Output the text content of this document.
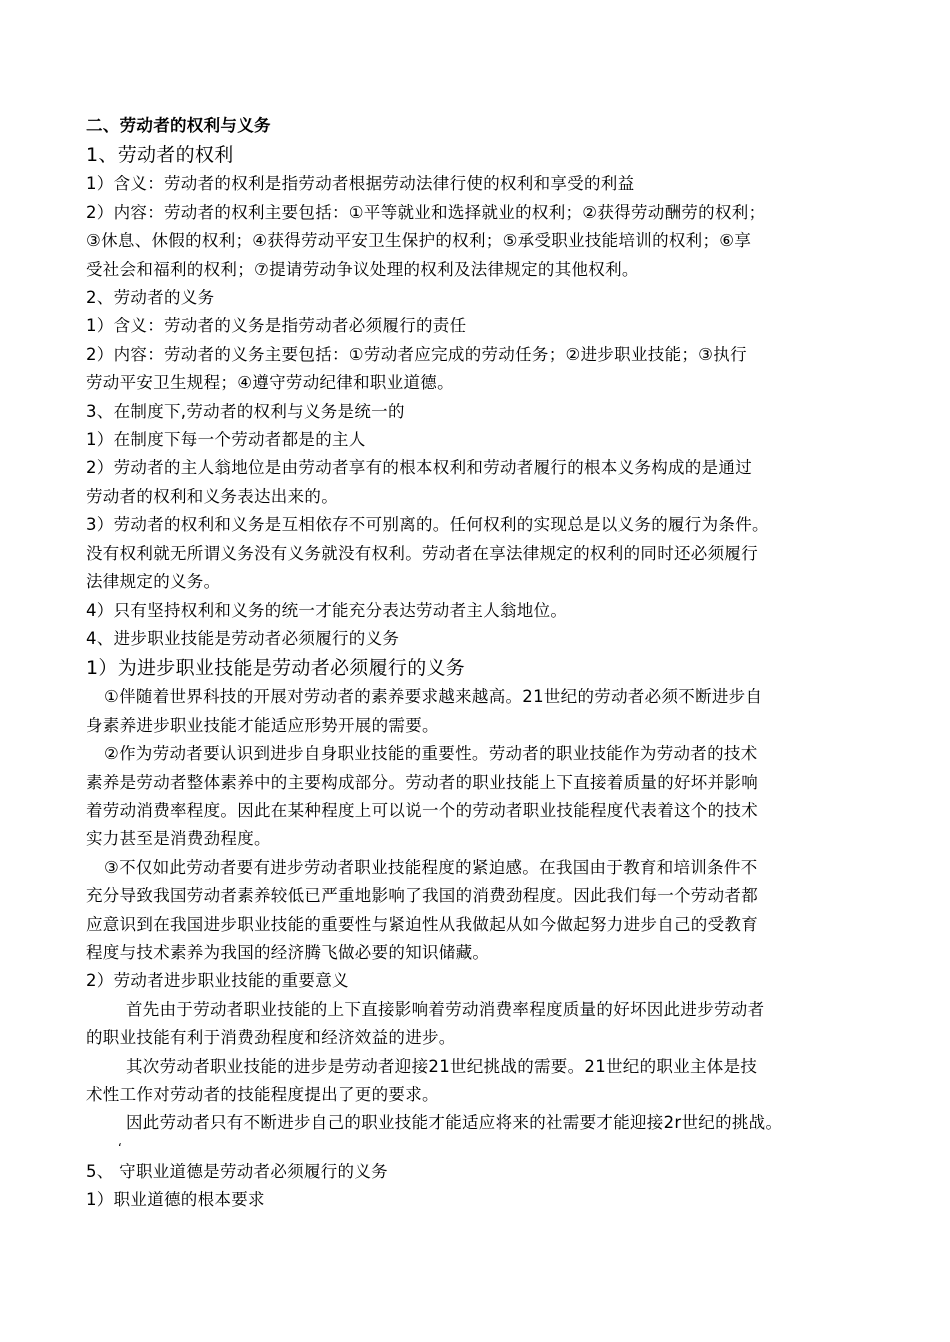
二、劳动者的权利与义务
1、劳动者的权利
1）含义：劳动者的权利是指劳动者根据劳动法律行使的权利和享受的利益
2）内容：劳动者的权利主要包括：①平等就业和选择就业的权利；②获得劳动酬劳的权利；
③休息、休假的权利；④获得劳动平安卫生保护的权利；⑤承受职业技能培训的权利；⑥享
受社会和福利的权利；⑦提请劳动争议处理的权利及法律规定的其他权利。
2、劳动者的义务
1）含义：劳动者的义务是指劳动者必须履行的责任
2）内容：劳动者的义务主要包括：①劳动者应完成的劳动任务；②进步职业技能；③执行
劳动平安卫生规程；④遵守劳动纪律和职业道德。
3、在制度下,劳动者的权利与义务是统一的
1）在制度下每一个劳动者都是的主人
2）劳动者的主人翁地位是由劳动者享有的根本权利和劳动者履行的根本义务构成的是通过
劳动者的权利和义务表达出来的。
3）劳动者的权利和义务是互相依存不可别离的。任何权利的实现总是以义务的履行为条件。
没有权利就无所谓义务没有义务就没有权利。劳动者在享法律规定的权利的同时还必须履行
法律规定的义务。
4）只有坚持权利和义务的统一才能充分表达劳动者主人翁地位。
4、进步职业技能是劳动者必须履行的义务
1）为进步职业技能是劳动者必须履行的义务
①伴随着世界科技的开展对劳动者的素养要求越来越高。21世纪的劳动者必须不断进步自
身素养进步职业技能才能适应形势开展的需要。
②作为劳动者要认识到进步自身职业技能的重要性。劳动者的职业技能作为劳动者的技术
素养是劳动者整体素养中的主要构成部分。劳动者的职业技能上下直接着质量的好坏并影响
着劳动消费率程度。因此在某种程度上可以说一个的劳动者职业技能程度代表着这个的技术
实力甚至是消费劲程度。
③不仅如此劳动者要有进步劳动者职业技能程度的紧迫感。在我国由于教育和培训条件不
充分导致我国劳动者素养较低已严重地影响了我国的消费劲程度。因此我们每一个劳动者都
应意识到在我国进步职业技能的重要性与紧迫性从我做起从如今做起努力进步自己的受教育
程度与技术素养为我国的经济腾飞做必要的知识储藏。
2）劳动者进步职业技能的重要意义
首先由于劳动者职业技能的上下直接影响着劳动消费率程度质量的好坏因此进步劳动者
的职业技能有利于消费劲程度和经济效益的进步。
其次劳动者职业技能的进步是劳动者迎接21世纪挑战的需要。21世纪的职业主体是技
术性工作对劳动者的技能程度提出了更的要求。
因此劳动者只有不断进步自己的职业技能才能适应将来的社需要才能迎接2r世纪的挑战。
‘
5、 守职业道德是劳动者必须履行的义务
1）职业道德的根本要求
